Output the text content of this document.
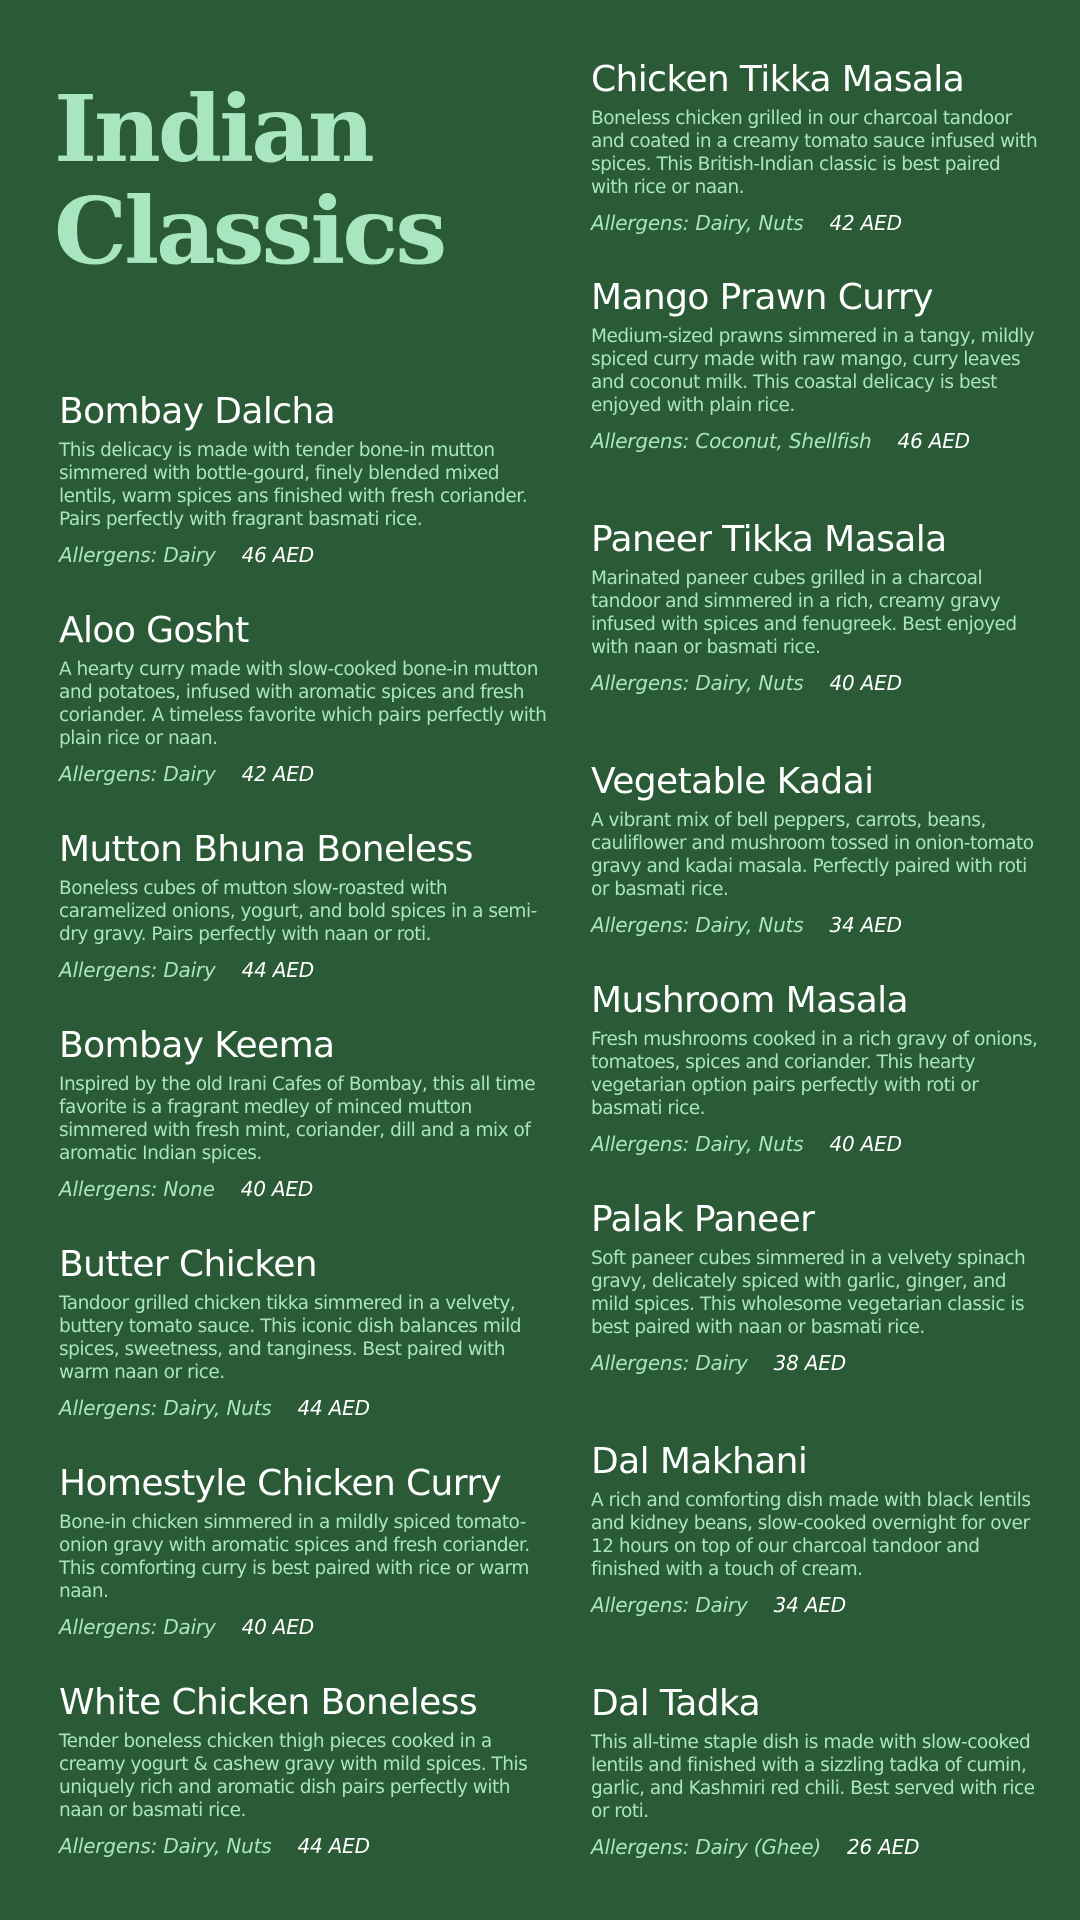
Indian
Classics
Bombay Dalcha

This delicacy is made with tender bone-in mutton simmered with bottle-gourd, finely blended mixed lentils, warm spices ans finished with fresh coriander. Pairs perfectly with fragrant basmati rice.

Allergens: Dairy 46 AED
Aloo Gosht

A hearty curry made with slow-cooked bone-in mutton and potatoes, infused with aromatic spices and fresh coriander. A timeless favorite which pairs perfectly with plain rice or naan.

Allergens: Dairy 42 AED
Mutton Bhuna Boneless

Boneless cubes of mutton slow-roasted with caramelized onions, yogurt, and bold spices in a semi-dry gravy. Pairs perfectly with naan or roti.

Allergens: Dairy 44 AED
Bombay Keema

Inspired by the old Irani Cafes of Bombay, this all time favorite is a fragrant medley of minced mutton simmered with fresh mint, coriander, dill and a mix of aromatic Indian spices.

Allergens: None 40 AED
Butter Chicken

Tandoor grilled chicken tikka simmered in a velvety, buttery tomato sauce. This iconic dish balances mild spices, sweetness, and tanginess. Best paired with warm naan or rice.

Allergens: Dairy, Nuts 44 AED
Homestyle Chicken Curry

Bone-in chicken simmered in a mildly spiced tomato-onion gravy with aromatic spices and fresh coriander. This comforting curry is best paired with rice or warm naan.

Allergens: Dairy 40 AED
White Chicken Boneless

Tender boneless chicken thigh pieces cooked in a creamy yogurt & cashew gravy with mild spices. This uniquely rich and aromatic dish pairs perfectly with naan or basmati rice.

Allergens: Dairy, Nuts 44 AED
Chicken Tikka Masala

Boneless chicken grilled in our charcoal tandoor and coated in a creamy tomato sauce infused with spices. This British-Indian classic is best paired with rice or naan.

Allergens: Dairy, Nuts 42 AED
Mango Prawn Curry

Medium-sized prawns simmered in a tangy, mildly spiced curry made with raw mango, curry leaves and coconut milk. This coastal delicacy is best enjoyed with plain rice.

Allergens: Coconut, Shellfish 46 AED
Paneer Tikka Masala

Marinated paneer cubes grilled in a charcoal tandoor and simmered in a rich, creamy gravy infused with spices and fenugreek. Best enjoyed with naan or basmati rice.

Allergens: Dairy, Nuts 40 AED
Vegetable Kadai

A vibrant mix of bell peppers, carrots, beans, cauliflower and mushroom tossed in onion-tomato gravy and kadai masala. Perfectly paired with roti or basmati rice.

Allergens: Dairy, Nuts 34 AED
Mushroom Masala

Fresh mushrooms cooked in a rich gravy of onions, tomatoes, spices and coriander. This hearty vegetarian option pairs perfectly with roti or basmati rice.

Allergens: Dairy, Nuts 40 AED
Palak Paneer

Soft paneer cubes simmered in a velvety spinach gravy, delicately spiced with garlic, ginger, and mild spices. This wholesome vegetarian classic is best paired with naan or basmati rice.

Allergens: Dairy 38 AED
Dal Makhani

A rich and comforting dish made with black lentils and kidney beans, slow-cooked overnight for over 12 hours on top of our charcoal tandoor and finished with a touch of cream.

Allergens: Dairy 34 AED
Dal Tadka

This all-time staple dish is made with slow-cooked lentils and finished with a sizzling tadka of cumin, garlic, and Kashmiri red chili. Best served with rice or roti.

Allergens: Dairy (Ghee) 26 AED
